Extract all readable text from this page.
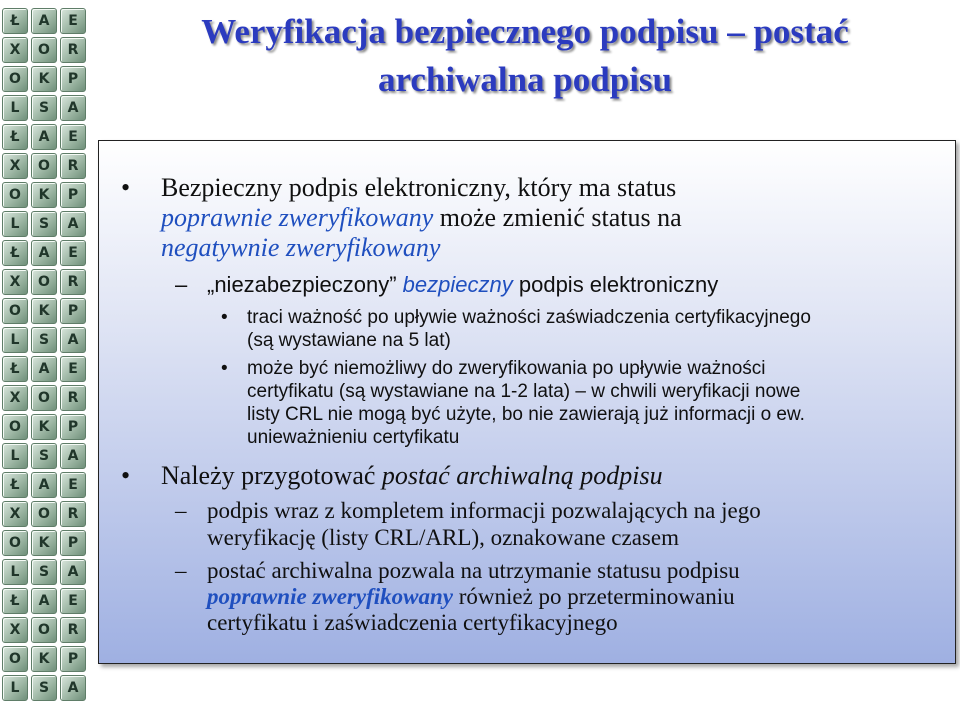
Ł	A	E
X	O	R
O	K	P
L	S	A
Ł	A	E
X	O	R
O	K	P
L	S	A
Ł	A	E
X	O	R
O	K	P
L	S	A
Ł	A	E
X	O	R
O	K	P
L	S	A
Ł	A	E
X	O	R
O	K	P
L	S	A
Ł	A	E
X	O	R
O	K	P
L	S	A
Weryfikacja bezpiecznego podpisu – postać
archiwalna podpisu
• Bezpieczny podpis elektroniczny, który ma status
poprawnie zweryfikowany może zmienić status na
negatywnie zweryfikowany
– „niezabezpieczony” bezpieczny podpis elektroniczny
• traci ważność po upływie ważności zaświadczenia certyfikacyjnego
(są wystawiane na 5 lat)
• może być niemożliwy do zweryfikowania po upływie ważności
certyfikatu (są wystawiane na 1-2 lata) – w chwili weryfikacji nowe
listy CRL nie mogą być użyte, bo nie zawierają już informacji o ew.
unieważnieniu certyfikatu
• Należy przygotować postać archiwalną podpisu
– podpis wraz z kompletem informacji pozwalających na jego
weryfikację (listy CRL/ARL), oznakowane czasem
– postać archiwalna pozwala na utrzymanie statusu podpisu
poprawnie zweryfikowany również po przeterminowaniu
certyfikatu i zaświadczenia certyfikacyjnego
